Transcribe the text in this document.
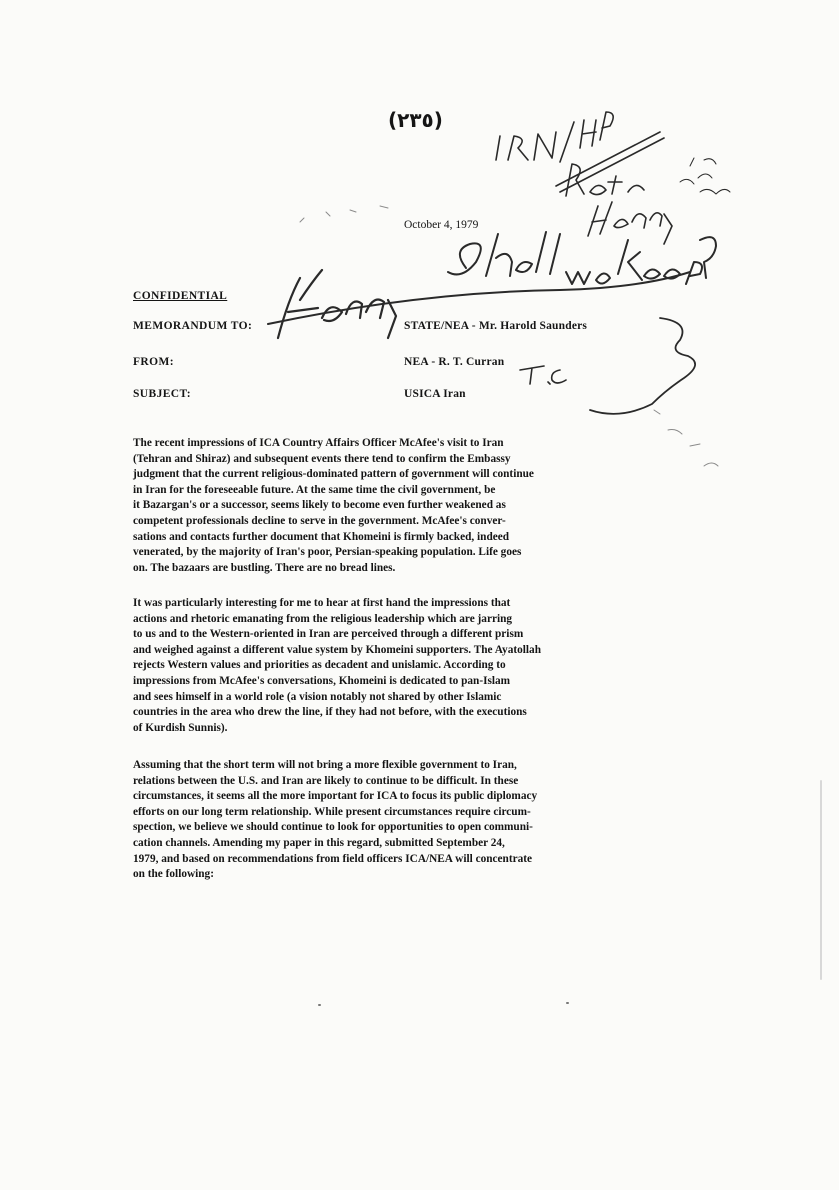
(٢٣٥)
October 4, 1979
CONFIDENTIAL
MEMORANDUM TO:	STATE/NEA - Mr. Harold Saunders
FROM:	NEA - R. T. Curran
SUBJECT:	USICA Iran
The recent impressions of ICA Country Affairs Officer McAfee's visit to Iran
(Tehran and Shiraz) and subsequent events there tend to confirm the Embassy
judgment that the current religious-dominated pattern of government will continue
in Iran for the foreseeable future. At the same time the civil government, be
it Bazargan's or a successor, seems likely to become even further weakened as
competent professionals decline to serve in the government. McAfee's conver-
sations and contacts further document that Khomeini is firmly backed, indeed
venerated, by the majority of Iran's poor, Persian-speaking population. Life goes
on. The bazaars are bustling. There are no bread lines.
It was particularly interesting for me to hear at first hand the impressions that
actions and rhetoric emanating from the religious leadership which are jarring
to us and to the Western-oriented in Iran are perceived through a different prism
and weighed against a different value system by Khomeini supporters. The Ayatollah
rejects Western values and priorities as decadent and unislamic. According to
impressions from McAfee's conversations, Khomeini is dedicated to pan-Islam
and sees himself in a world role (a vision notably not shared by other Islamic
countries in the area who drew the line, if they had not before, with the executions
of Kurdish Sunnis).
Assuming that the short term will not bring a more flexible government to Iran,
relations between the U.S. and Iran are likely to continue to be difficult. In these
circumstances, it seems all the more important for ICA to focus its public diplomacy
efforts on our long term relationship. While present circumstances require circum-
spection, we believe we should continue to look for opportunities to open communi-
cation channels. Amending my paper in this regard, submitted September 24,
1979, and based on recommendations from field officers ICA/NEA will concentrate
on the following:
